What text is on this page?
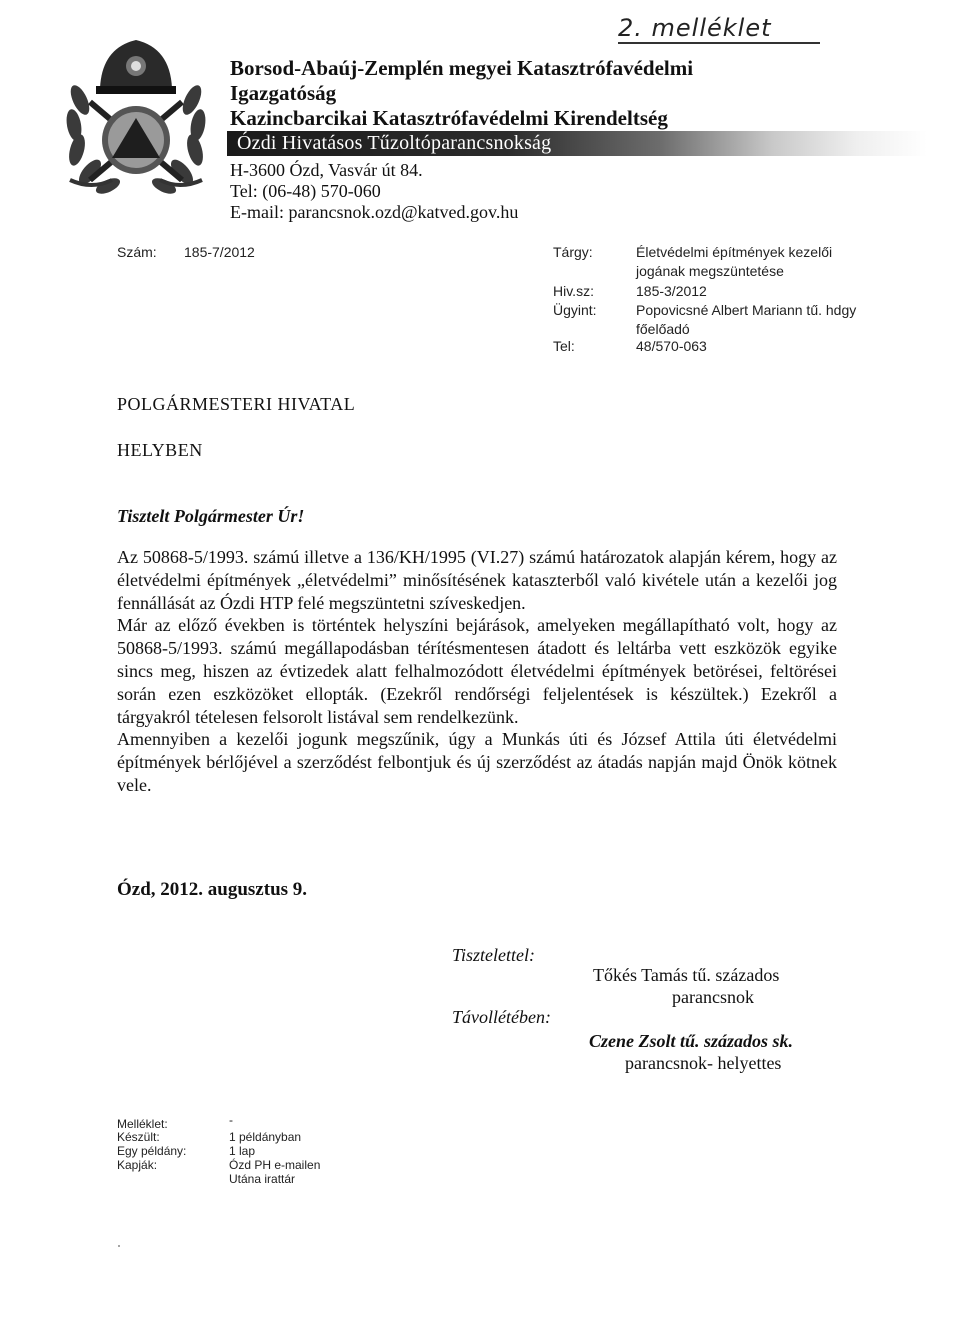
2. melléklet
Borsod-Abaúj-Zemplén megyei Katasztrófavédelmi
Igazgatóság
Kazincbarcikai Katasztrófavédelmi Kirendeltség
Ózdi Hivatásos Tűzoltóparancsnokság
H-3600 Ózd, Vasvár út 84.
Tel: (06-48) 570-060
E-mail: parancsnok.ozd@katved.gov.hu
Szám: 185-7/2012	Tárgy:	Életvédelmi építmények kezelői
jogának megszüntetése
Hiv.sz:	185-3/2012
Ügyint:	Popovicsné Albert Mariann tű. hdgy
főelőadó
Tel:	48/570-063
POLGÁRMESTERI HIVATAL
HELYBEN
Tisztelt Polgármester Úr!

Az 50868-5/1993. számú illetve a 136/KH/1995 (VI.27) számú határozatok alapján kérem, hogy az életvédelmi építmények „életvédelmi” minősítésének kataszterből való kivétele után a kezelői jog fennállását az Ózdi HTP felé megszüntetni szíveskedjen.

Már az előző években is történtek helyszíni bejárások, amelyeken megállapítható volt, hogy az 50868-5/1993. számú megállapodásban térítésmentesen átadott és leltárba vett eszközök egyike sincs meg, hiszen az évtizedek alatt felhalmozódott életvédelmi építmények betörései, feltörései során ezen eszközöket ellopták. (Ezekről rendőrségi feljelentések is készültek.) Ezekről a tárgyakról tételesen felsorolt listával sem rendelkezünk.

Amennyiben a kezelői jogunk megszűnik, úgy a Munkás úti és József Attila úti életvédelmi építmények bérlőjével a szerződést felbontjuk és új szerződést az átadás napján majd Önök kötnek vele.

Ózd, 2012. augusztus 9.
Tisztelettel:
Tőkés Tamás tű. százados
parancsnok
Távollétében:
Czene Zsolt tű. százados sk.
parancsnok- helyettes
Melléklet:	-
Készült:	1 példányban
Egy példány:	1 lap
Kapják:	Ózd PH e-mailen
Utána irattár
